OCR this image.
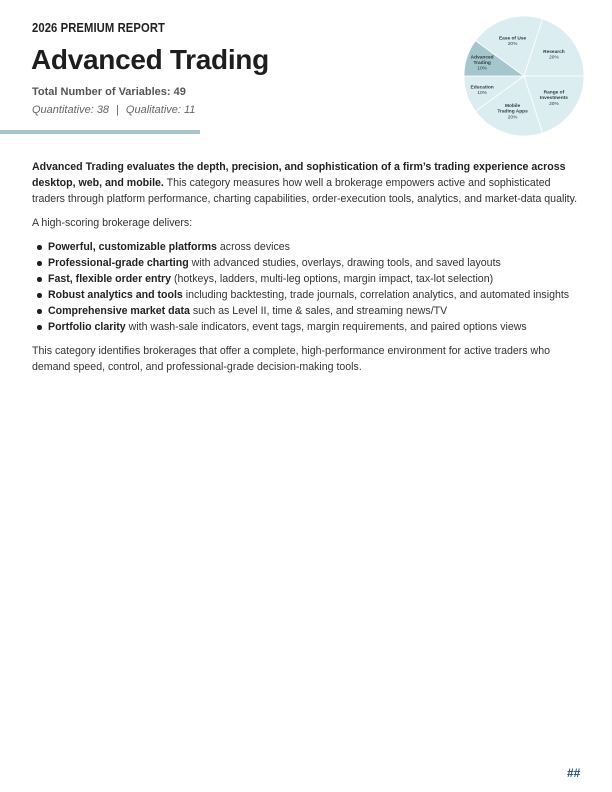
2026 PREMIUM REPORT
Advanced Trading
Total Number of Variables: 49
Quantitative: 38 | Qualitative: 11
Ease of Use
20%
Research
20%
Range of
Investments
20%
Mobile
Trading Apps
20%
Education
10%
Advanced
Trading
10%

Advanced Trading evaluates the depth, precision, and sophistication of a firm’s trading experience across desktop, web, and mobile. This category measures how well a brokerage empowers active and sophisticated traders through platform performance, charting capabilities, order-execution tools, analytics, and market-data quality.

A high-scoring brokerage delivers:

Powerful, customizable platforms across devices
Professional-grade charting with advanced studies, overlays, drawing tools, and saved layouts
Fast, flexible order entry (hotkeys, ladders, multi-leg options, margin impact, tax-lot selection)
Robust analytics and tools including backtesting, trade journals, correlation analytics, and automated insights
Comprehensive market data such as Level II, time & sales, and streaming news/TV
Portfolio clarity with wash-sale indicators, event tags, margin requirements, and paired options views

This category identifies brokerages that offer a complete, high-performance environment for active traders who demand speed, control, and professional-grade decision-making tools.

##
